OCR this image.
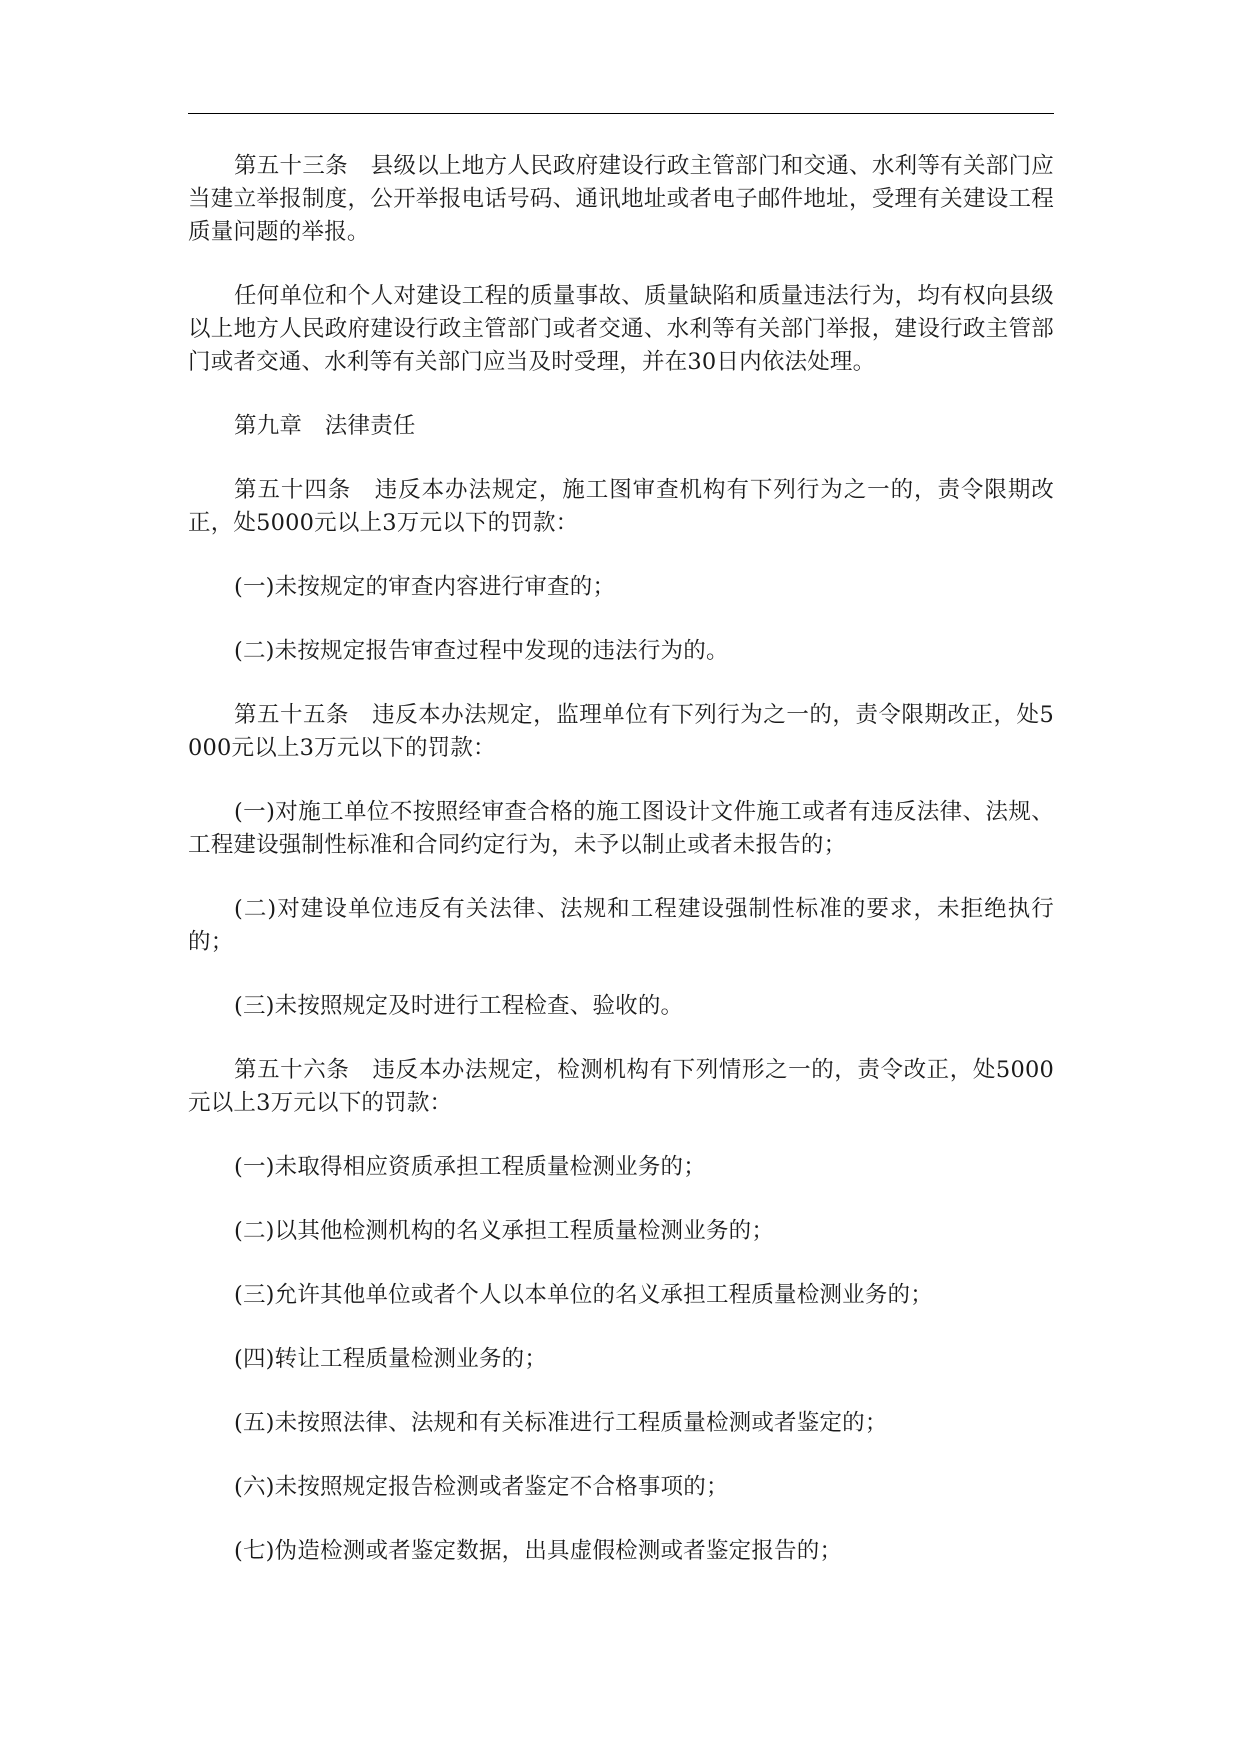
第五十三条　县级以上地方人民政府建设行政主管部门和交通、水利等有关部门应当建立举报制度，公开举报电话号码、通讯地址或者电子邮件地址，受理有关建设工程质量问题的举报。

任何单位和个人对建设工程的质量事故、质量缺陷和质量违法行为，均有权向县级以上地方人民政府建设行政主管部门或者交通、水利等有关部门举报，建设行政主管部门或者交通、水利等有关部门应当及时受理，并在30日内依法处理。

第九章　法律责任

第五十四条　违反本办法规定，施工图审查机构有下列行为之一的，责令限期改正，处5000元以上3万元以下的罚款：

(一)未按规定的审查内容进行审查的；

(二)未按规定报告审查过程中发现的违法行为的。

第五十五条　违反本办法规定，监理单位有下列行为之一的，责令限期改正，处5000元以上3万元以下的罚款：

(一)对施工单位不按照经审查合格的施工图设计文件施工或者有违反法律、法规、工程建设强制性标准和合同约定行为，未予以制止或者未报告的；

(二)对建设单位违反有关法律、法规和工程建设强制性标准的要求，未拒绝执行的；

(三)未按照规定及时进行工程检查、验收的。

第五十六条　违反本办法规定，检测机构有下列情形之一的，责令改正，处5000元以上3万元以下的罚款：

(一)未取得相应资质承担工程质量检测业务的；

(二)以其他检测机构的名义承担工程质量检测业务的；

(三)允许其他单位或者个人以本单位的名义承担工程质量检测业务的；

(四)转让工程质量检测业务的；

(五)未按照法律、法规和有关标准进行工程质量检测或者鉴定的；

(六)未按照规定报告检测或者鉴定不合格事项的；

(七)伪造检测或者鉴定数据，出具虚假检测或者鉴定报告的；
